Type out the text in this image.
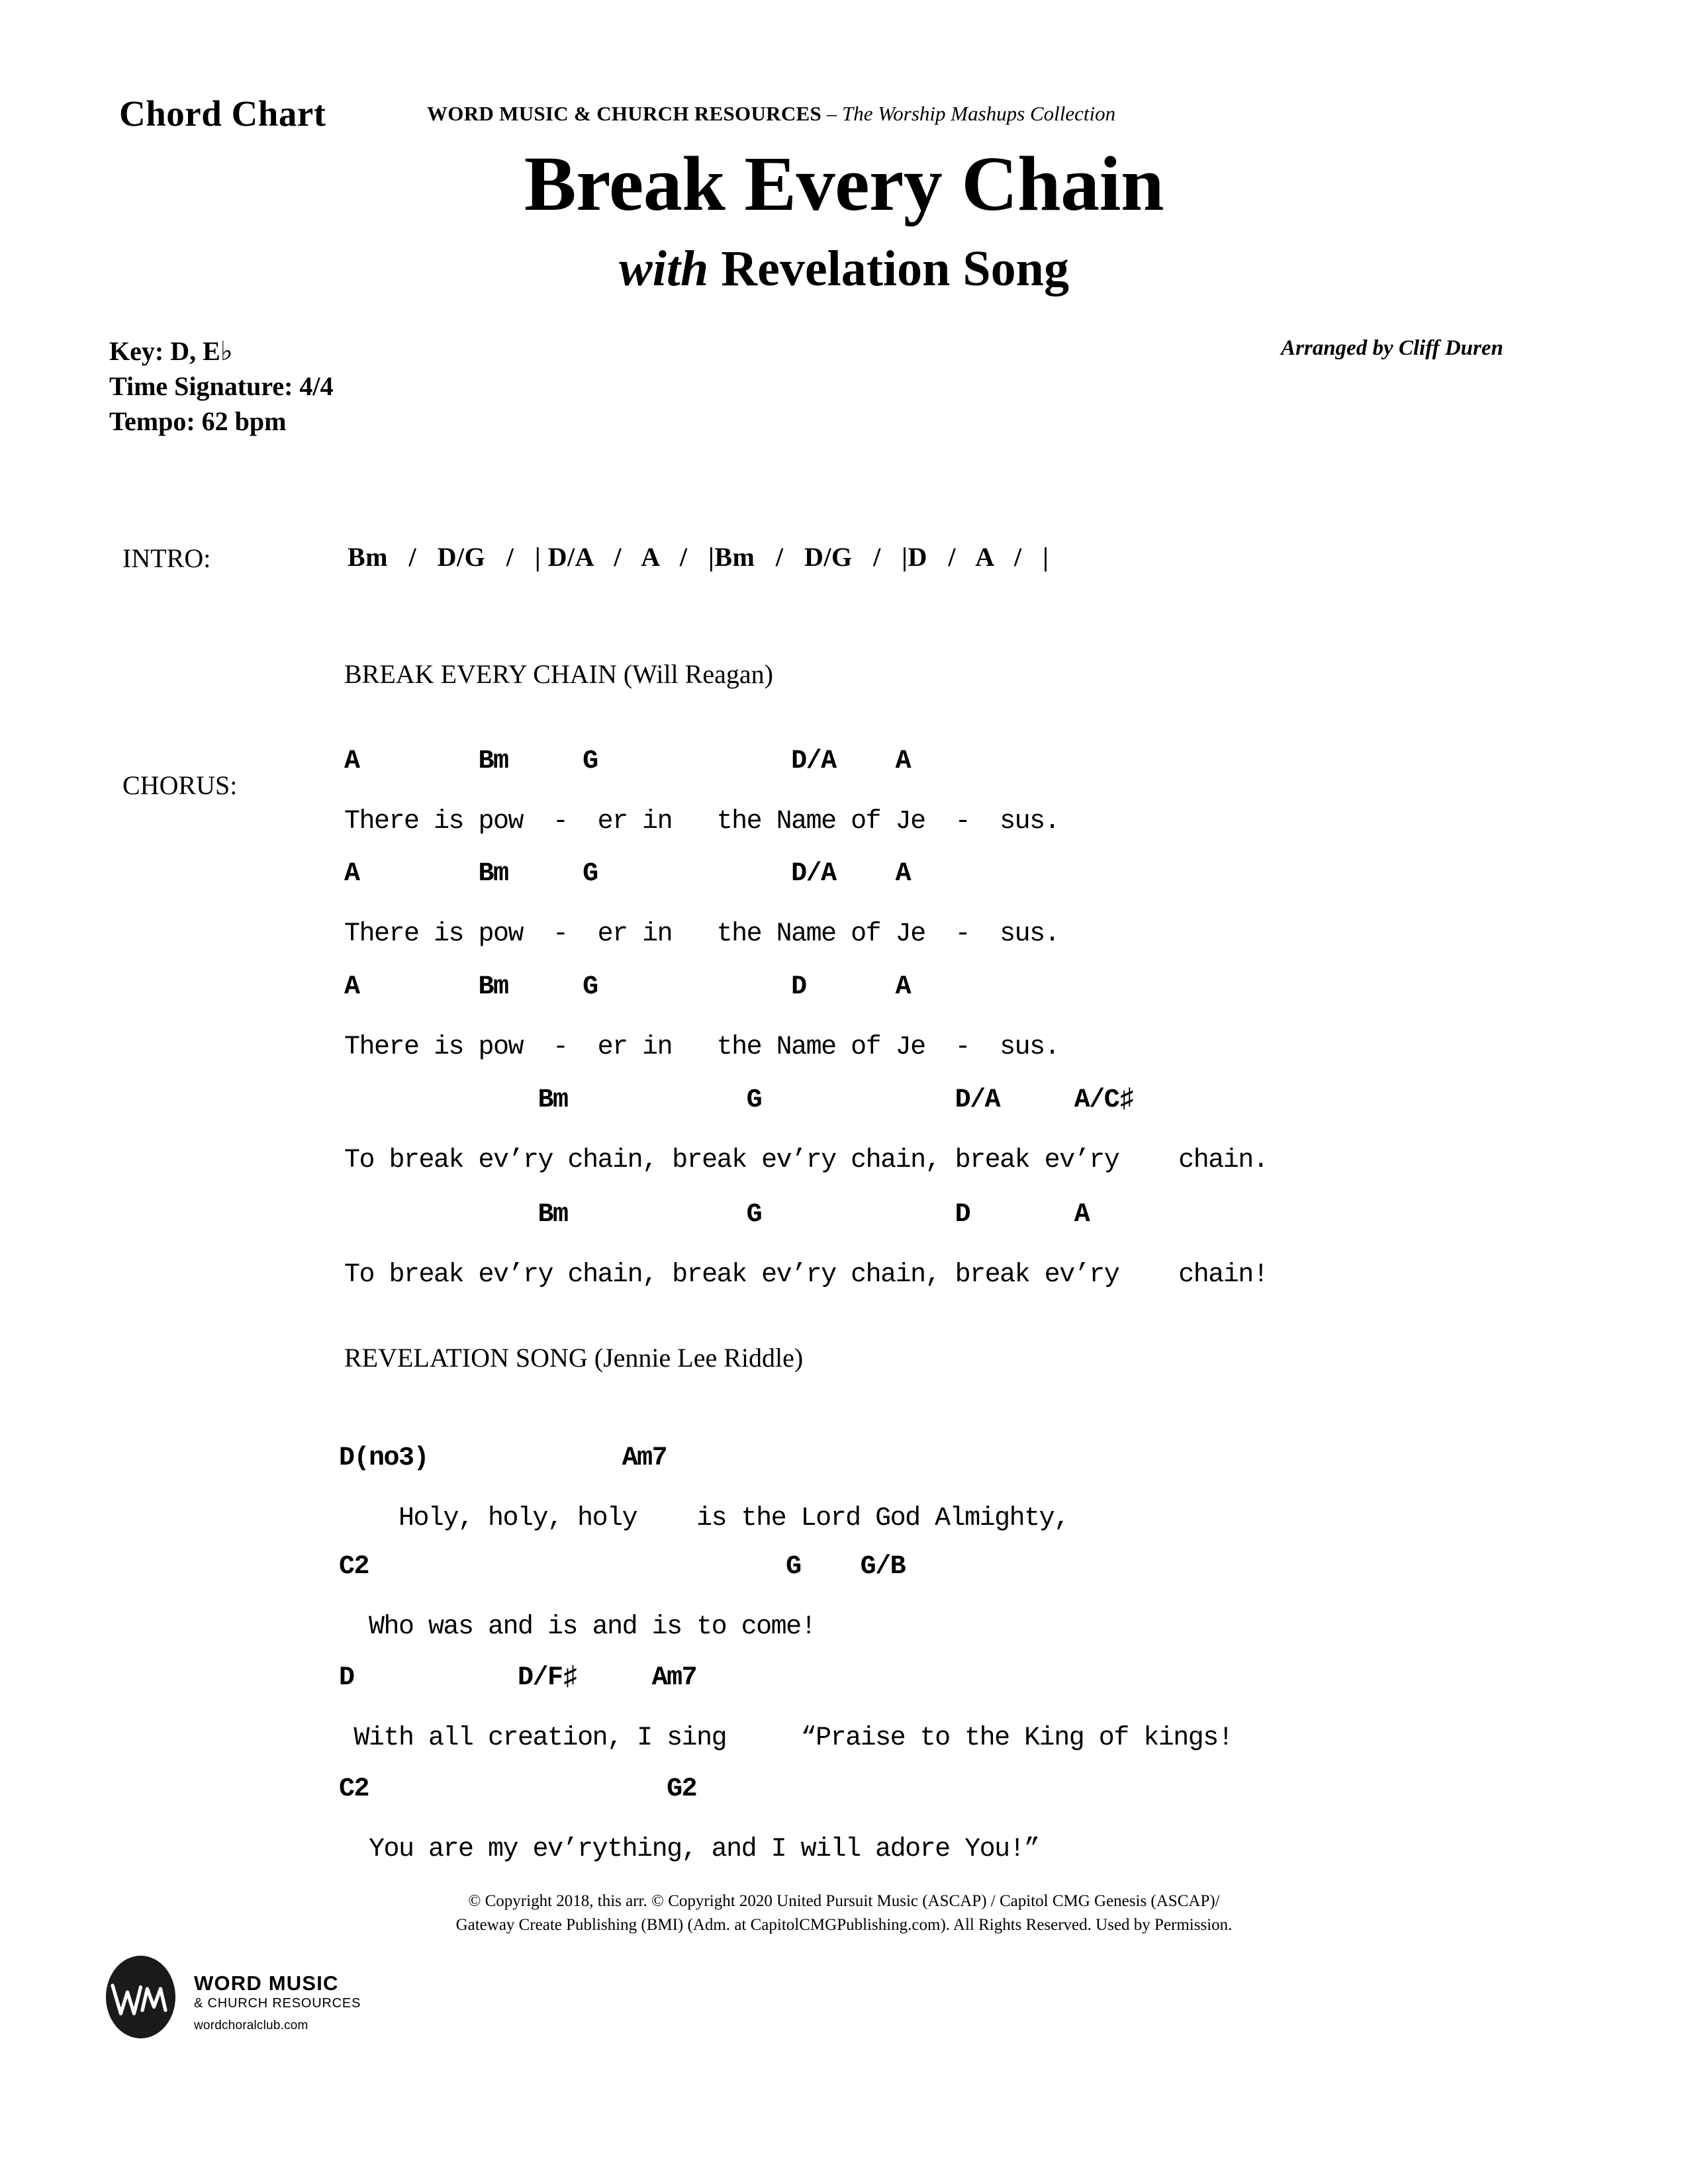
Chord Chart	WORD MUSIC & CHURCH RESOURCES – The Worship Mashups Collection
Break Every Chain
with Revelation Song
Key: D, E♭
Time Signature: 4/4
Tempo: 62 bpm
Arranged by Cliff Duren
INTRO:	Bm   /   D/G   /   | D/A   /   A   /   |Bm   /   D/G   /   |D   /   A   /   |
BREAK EVERY CHAIN (Will Reagan)
CHORUS:

A        Bm     G             D/A    A

There is pow  -  er in   the Name of Je  -  sus.

A        Bm     G             D/A    A

There is pow  -  er in   the Name of Je  -  sus.

A        Bm     G             D      A

There is pow  -  er in   the Name of Je  -  sus.

Bm            G             D/A     A/C♯

To break ev’ry chain, break ev’ry chain, break ev’ry    chain.

Bm            G             D       A

To break ev’ry chain, break ev’ry chain, break ev’ry    chain!

REVELATION SONG (Jennie Lee Riddle)

D(no3)             Am7

Holy, holy, holy    is the Lord God Almighty,

C2                            G    G/B

Who was and is and is to come!

D           D/F♯     Am7

With all creation, I sing     “Praise to the King of kings!

C2                    G2

You are my ev’rything, and I will adore You!”

© Copyright 2018, this arr. © Copyright 2020 United Pursuit Music (ASCAP) / Capitol CMG Genesis (ASCAP)/
Gateway Create Publishing (BMI) (Adm. at CapitolCMGPublishing.com). All Rights Reserved. Used by Permission.
WORD MUSIC
& CHURCH RESOURCES
wordchoralclub.com
